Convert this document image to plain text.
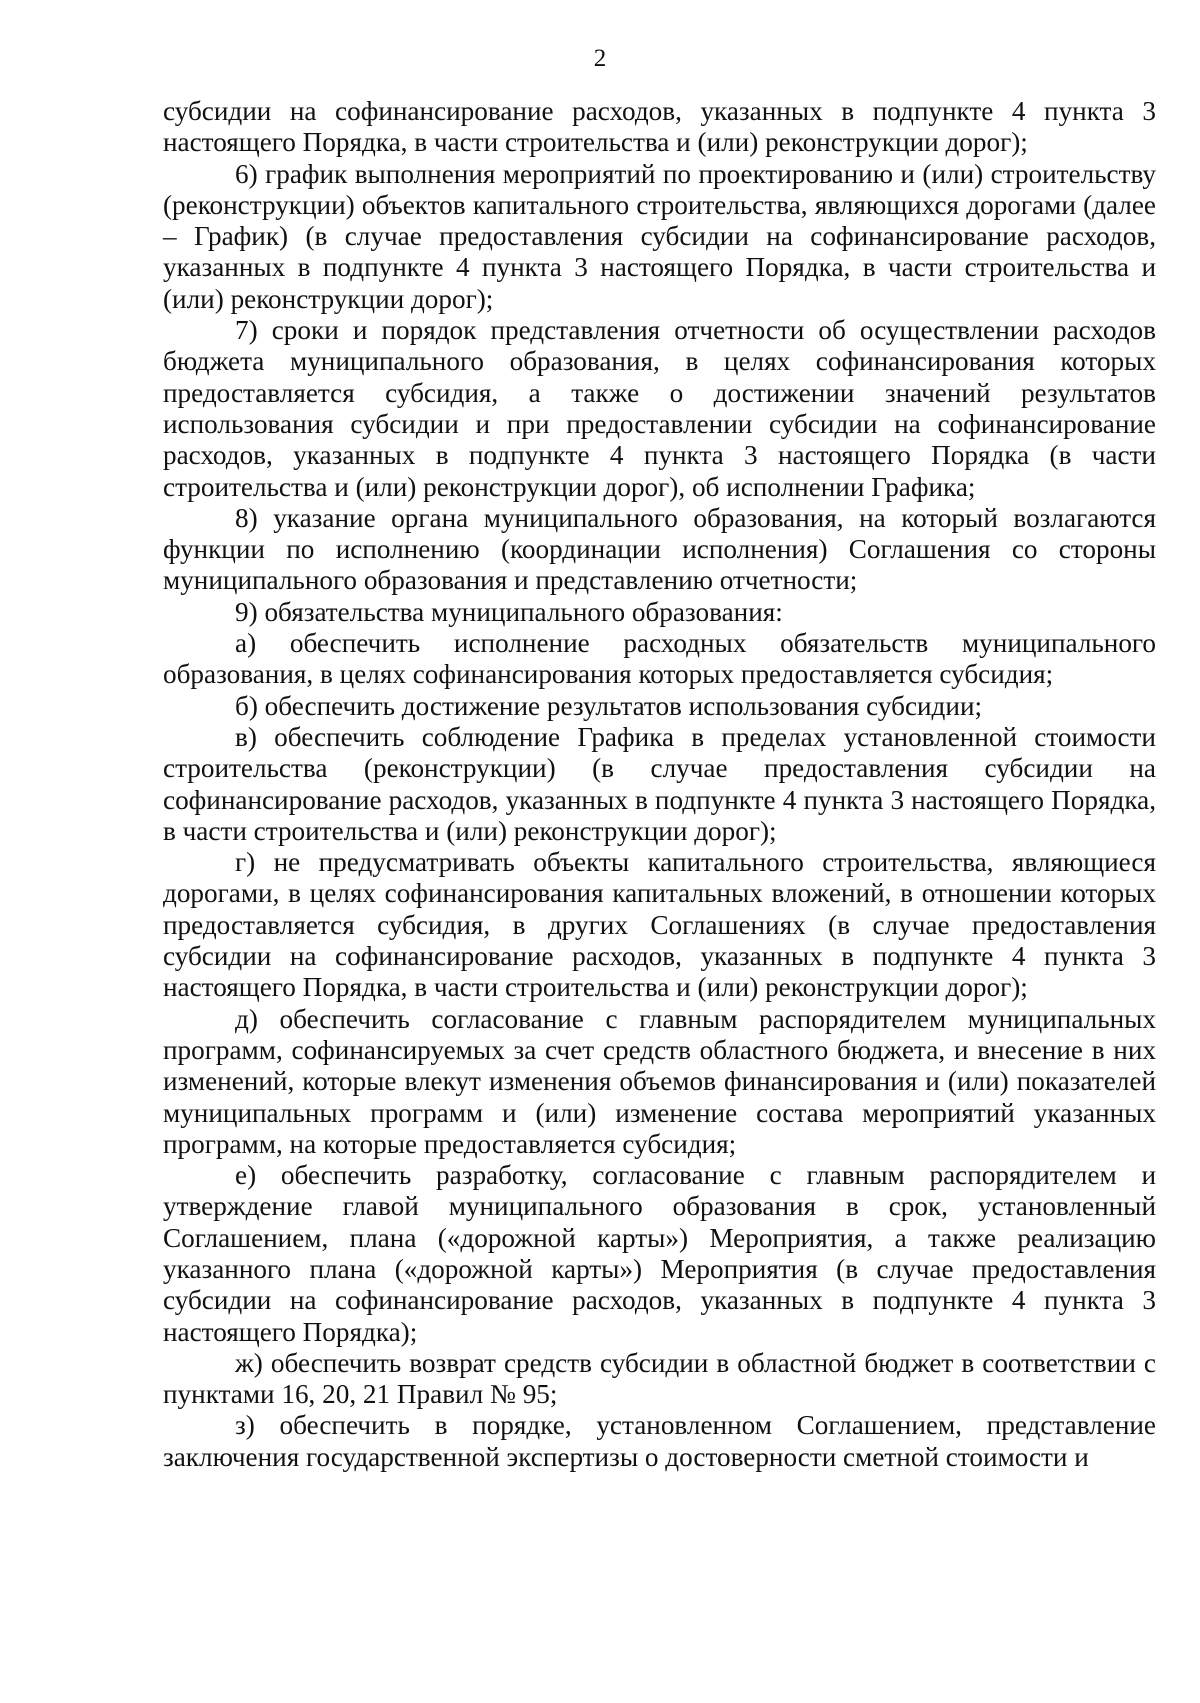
2

субсидии на софинансирование расходов, указанных в подпункте 4 пункта 3 настоящего Порядка, в части строительства и (или) реконструкции дорог);

6) график выполнения мероприятий по проектированию и (или) строительству (реконструкции) объектов капитального строительства, являющихся дорогами (далее – График) (в случае предоставления субсидии на софинансирование расходов, указанных в подпункте 4 пункта 3 настоящего Порядка, в части строительства и (или) реконструкции дорог);

7) сроки и порядок представления отчетности об осуществлении расходов бюджета муниципального образования, в целях софинансирования которых предоставляется субсидия, а также о достижении значений результатов использования субсидии и при предоставлении субсидии на софинансирование расходов, указанных в подпункте 4 пункта 3 настоящего Порядка (в части строительства и (или) реконструкции дорог), об исполнении Графика;

8) указание органа муниципального образования, на который возлагаются функции по исполнению (координации исполнения) Соглашения со стороны муниципального образования и представлению отчетности;

9) обязательства муниципального образования:

а) обеспечить исполнение расходных обязательств муниципального образования, в целях софинансирования которых предоставляется субсидия;

б) обеспечить достижение результатов использования субсидии;

в) обеспечить соблюдение Графика в пределах установленной стоимости строительства (реконструкции) (в случае предоставления субсидии на софинансирование расходов, указанных в подпункте 4 пункта 3 настоящего Порядка, в части строительства и (или) реконструкции дорог);

г) не предусматривать объекты капитального строительства, являющиеся дорогами, в целях софинансирования капитальных вложений, в отношении которых предоставляется субсидия, в других Соглашениях (в случае предоставления субсидии на софинансирование расходов, указанных в подпункте 4 пункта 3 настоящего Порядка, в части строительства и (или) реконструкции дорог);

д) обеспечить согласование с главным распорядителем муниципальных программ, софинансируемых за счет средств областного бюджета, и внесение в них изменений, которые влекут изменения объемов финансирования и (или) показателей муниципальных программ и (или) изменение состава мероприятий указанных программ, на которые предоставляется субсидия;

е) обеспечить разработку, согласование с главным распорядителем и утверждение главой муниципального образования в срок, установленный Соглашением, плана («дорожной карты») Мероприятия, а также реализацию указанного плана («дорожной карты») Мероприятия (в случае предоставления субсидии на софинансирование расходов, указанных в подпункте 4 пункта 3 настоящего Порядка);

ж) обеспечить возврат средств субсидии в областной бюджет в соответствии с пунктами 16, 20, 21 Правил № 95;

з) обеспечить в порядке, установленном Соглашением, представление заключения государственной экспертизы о достоверности сметной стоимости и
